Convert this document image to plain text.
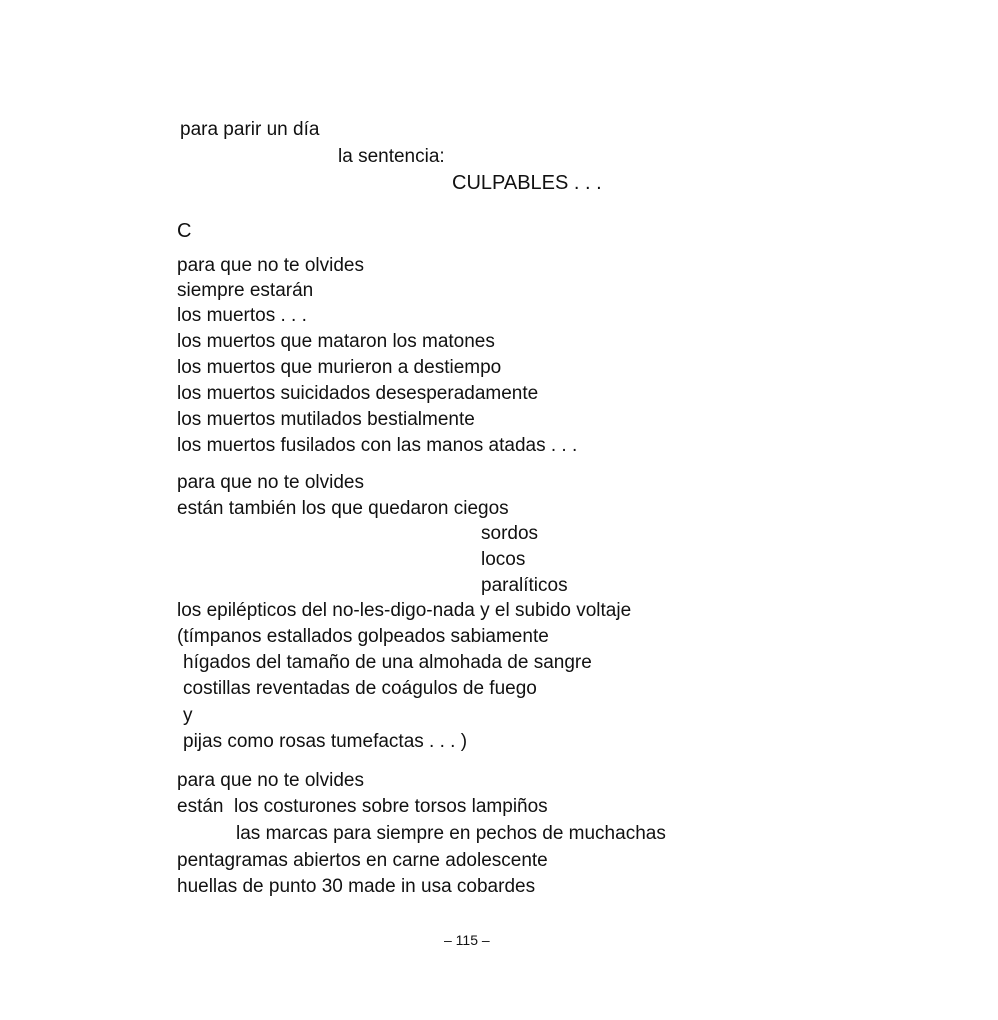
para parir un día
la sentencia:
CULPABLES . . .
C
para que no te olvides
siempre estarán
los muertos . . .
los muertos que mataron los matones
los muertos que murieron a destiempo
los muertos suicidados desesperadamente
los muertos mutilados bestialmente
los muertos fusilados con las manos atadas . . .
para que no te olvides
están también los que quedaron ciegos
sordos
locos
paralíticos
los epilépticos del no-les-digo-nada y el subido voltaje
(tímpanos estallados golpeados sabiamente
hígados del tamaño de una almohada de sangre
costillas reventadas de coágulos de fuego
y
pijas como rosas tumefactas . . . )
para que no te olvides
están  los costurones sobre torsos lampiños
las marcas para siempre en pechos de muchachas
pentagramas abiertos en carne adolescente
huellas de punto 30 made in usa cobardes
– 115 –
